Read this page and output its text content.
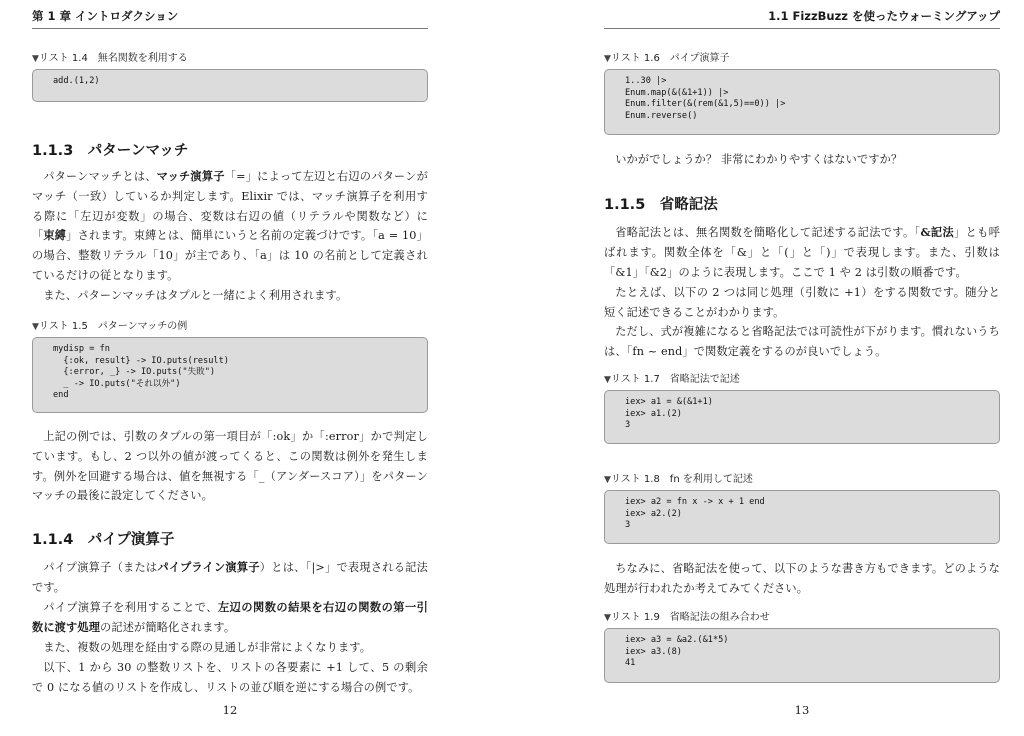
第 1 章 イントロダクション
▼リスト 1.4　無名関数を利用する
add.(1,2)
1.1.3　パターンマッチ
パターンマッチとは、マッチ演算子「=」によって左辺と右辺のパターンがマッチ（一致）しているか判定します。Elixir では、マッチ演算子を利用する際に「左辺が変数」の場合、変数は右辺の値（リテラルや関数など）に「束縛」されます。束縛とは、簡単にいうと名前の定義づけです。「a = 10」の場合、整数リテラル「10」が主であり、「a」は 10 の名前として定義されているだけの従となります。
また、パターンマッチはタプルと一緒によく利用されます。
▼リスト 1.5　パターンマッチの例
mydisp = fn
{:ok, result} -> IO.puts(result)
{:error, _} -> IO.puts("失敗")
_ -> IO.puts("それ以外")
end
上記の例では、引数のタプルの第一項目が「:ok」か「:error」かで判定しています。もし、2 つ以外の値が渡ってくると、この関数は例外を発生します。例外を回避する場合は、値を無視する「_（アンダースコア）」をパターンマッチの最後に設定してください。
1.1.4　パイプ演算子
パイプ演算子（またはパイプライン演算子）とは、「|>」で表現される記法です。
パイプ演算子を利用することで、左辺の関数の結果を右辺の関数の第一引数に渡す処理の記述が簡略化されます。
また、複数の処理を経由する際の見通しが非常によくなります。
以下、1 から 30 の整数リストを、リストの各要素に +1 して、5 の剰余で 0 になる値のリストを作成し、リストの並び順を逆にする場合の例です。
12
1.1 FizzBuzz を使ったウォーミングアップ
▼リスト 1.6　パイプ演算子
1..30 |>
Enum.map(&(&1+1)) |>
Enum.filter(&(rem(&1,5)==0)) |>
Enum.reverse()
いかがでしょうか？ 非常にわかりやすくはないですか？
1.1.5　省略記法
省略記法とは、無名関数を簡略化して記述する記法です。「&記法」とも呼ばれます。関数全体を「&」と「(」と「)」で表現します。また、引数は「&1」「&2」のように表現します。ここで 1 や 2 は引数の順番です。
たとえば、以下の 2 つは同じ処理（引数に +1）をする関数です。随分と短く記述できることがわかります。
ただし、式が複雑になると省略記法では可読性が下がります。慣れないうちは、「fn ~ end」で関数定義をするのが良いでしょう。
▼リスト 1.7　省略記法で記述
iex> a1 = &(&1+1)
iex> a1.(2)
3
▼リスト 1.8　fn を利用して記述
iex> a2 = fn x -> x + 1 end
iex> a2.(2)
3
ちなみに、省略記法を使って、以下のような書き方もできます。どのような処理が行われたか考えてみてください。
▼リスト 1.9　省略記法の組み合わせ
iex> a3 = &a2.(&1*5)
iex> a3.(8)
41
13
